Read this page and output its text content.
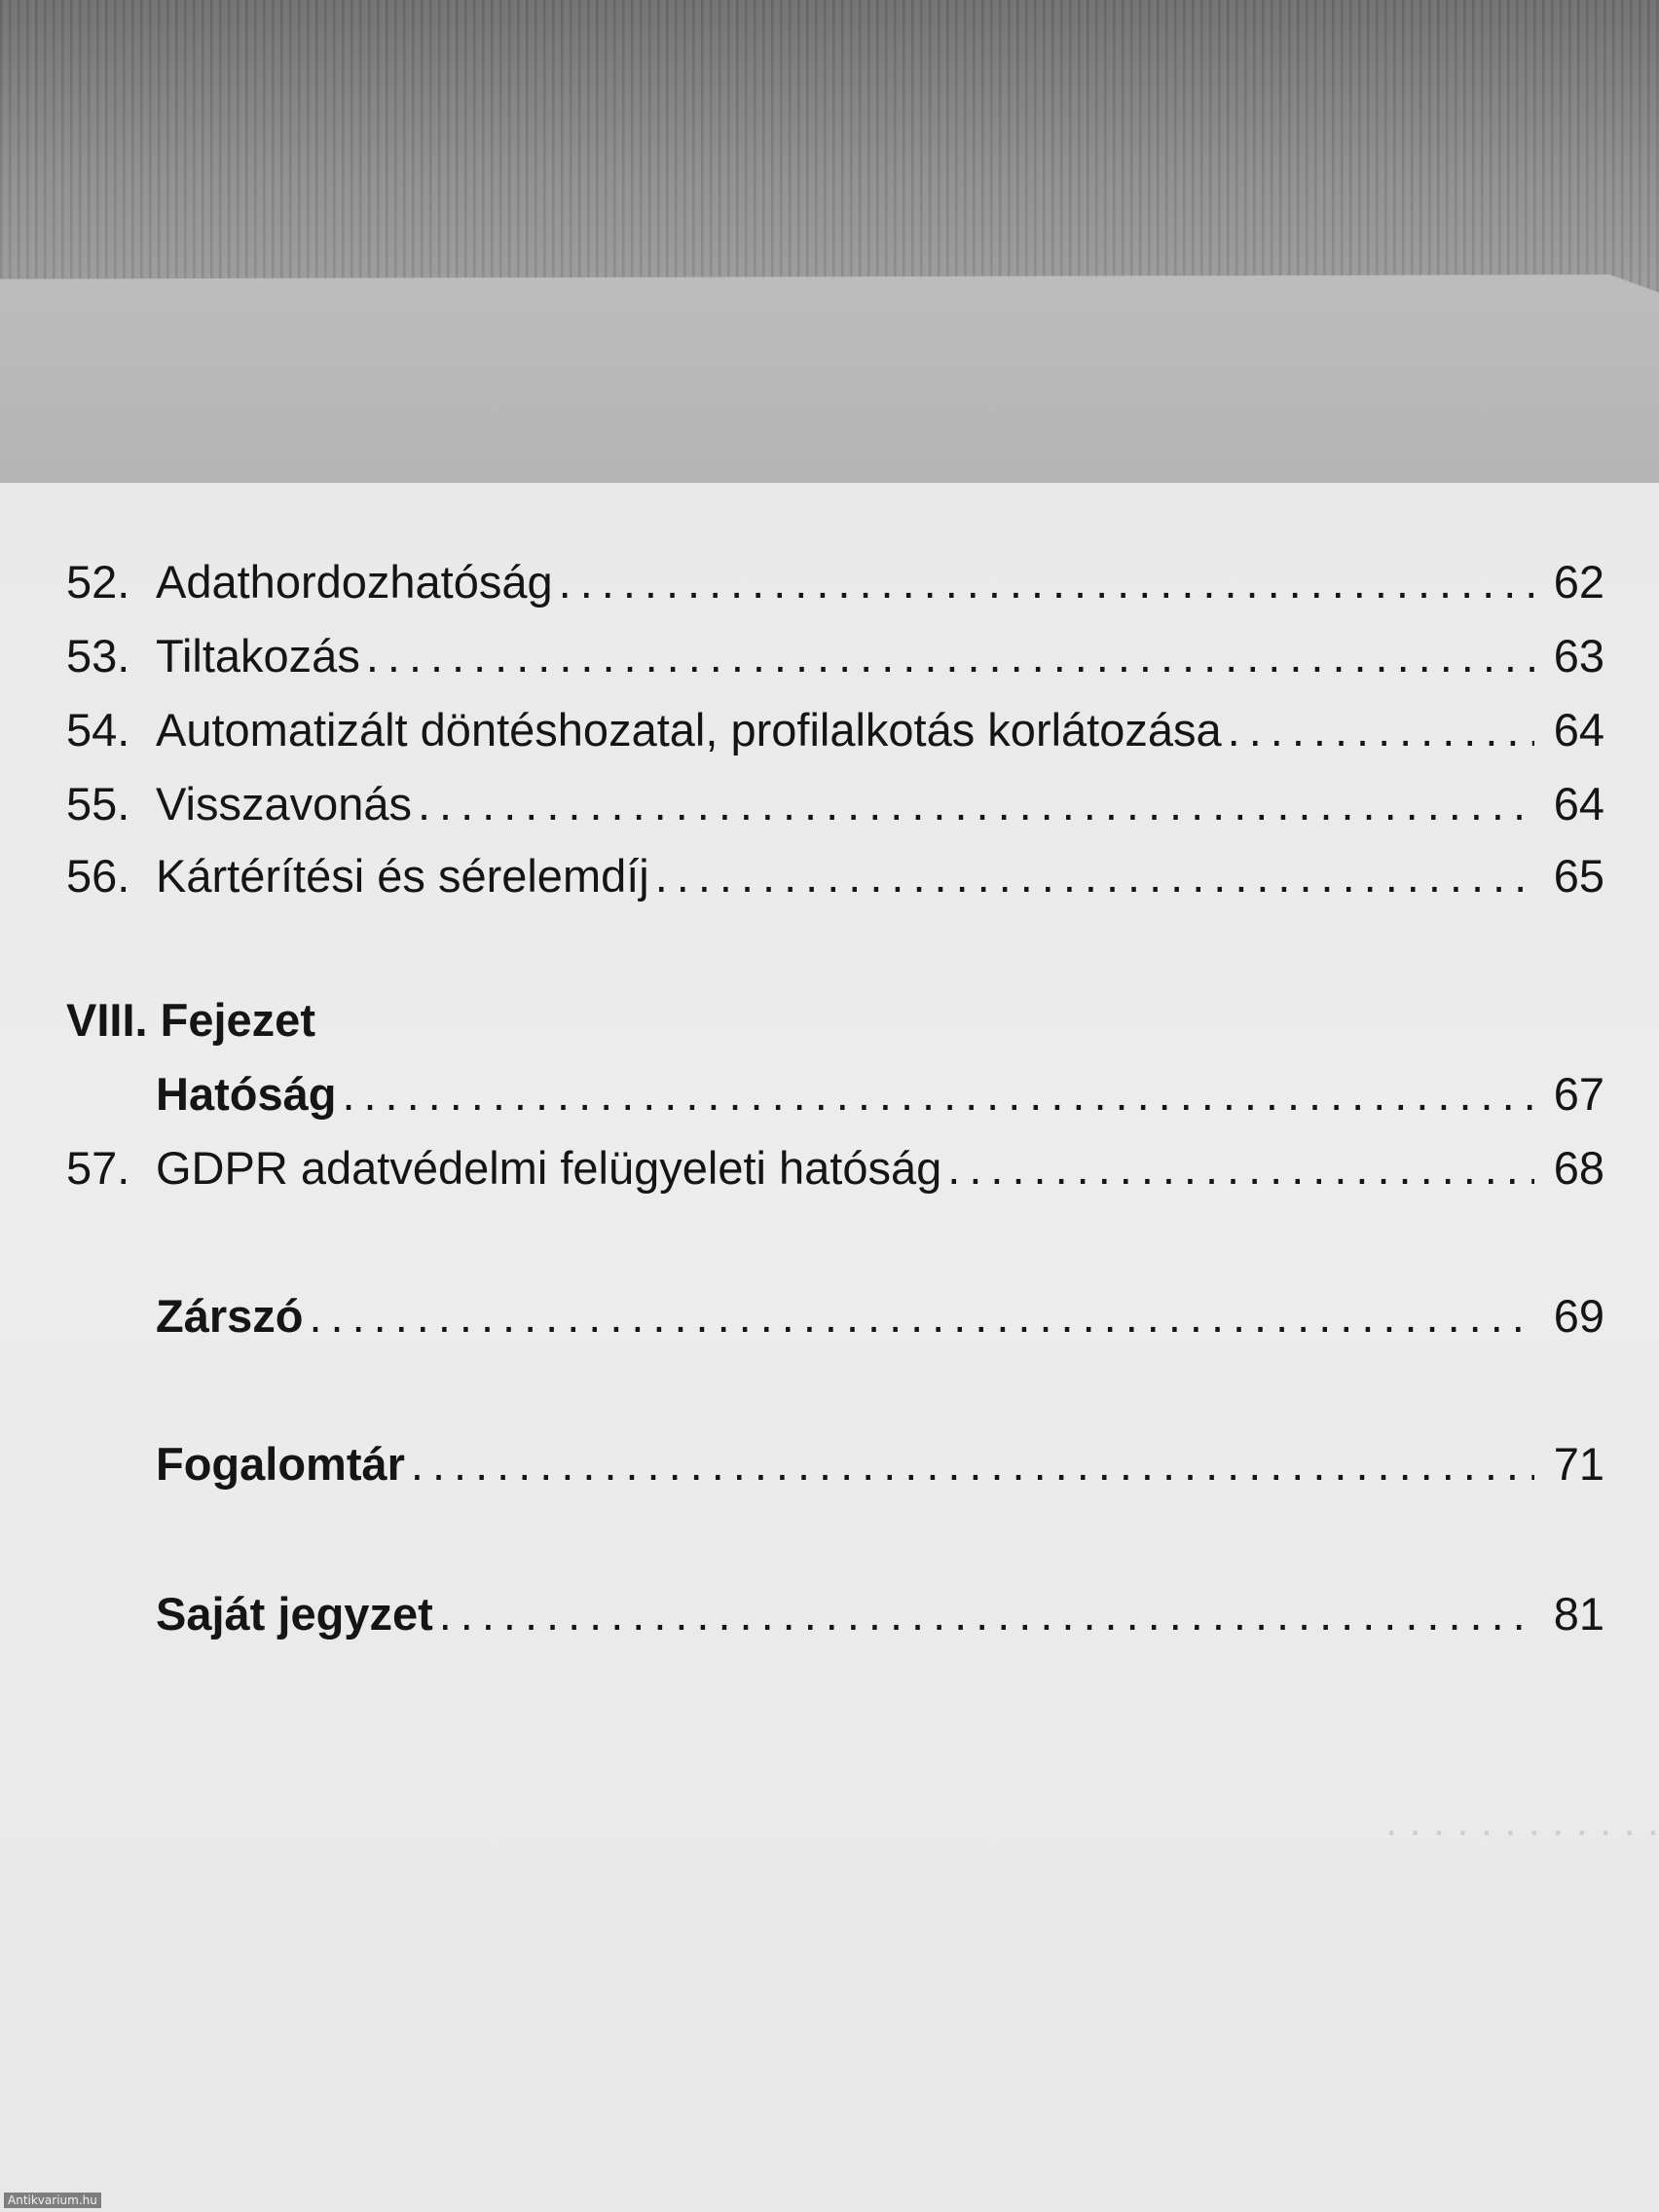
. . . . . . . . . . . .
52. Adathordozhatóság .....	62
53. Tiltakozás .....	63
54. Automatizált döntéshozatal, profilalkotás korlátozása .....	64
55. Visszavonás .....	64
56. Kártérítési és sérelemdíj .....	65
VIII. Fejezet
Hatóság .....	67
57. GDPR adatvédelmi felügyeleti hatóság .....	68
Zárszó .....	69
Fogalomtár .....	71
Saját jegyzet .....	81
Antikvarium.hu
